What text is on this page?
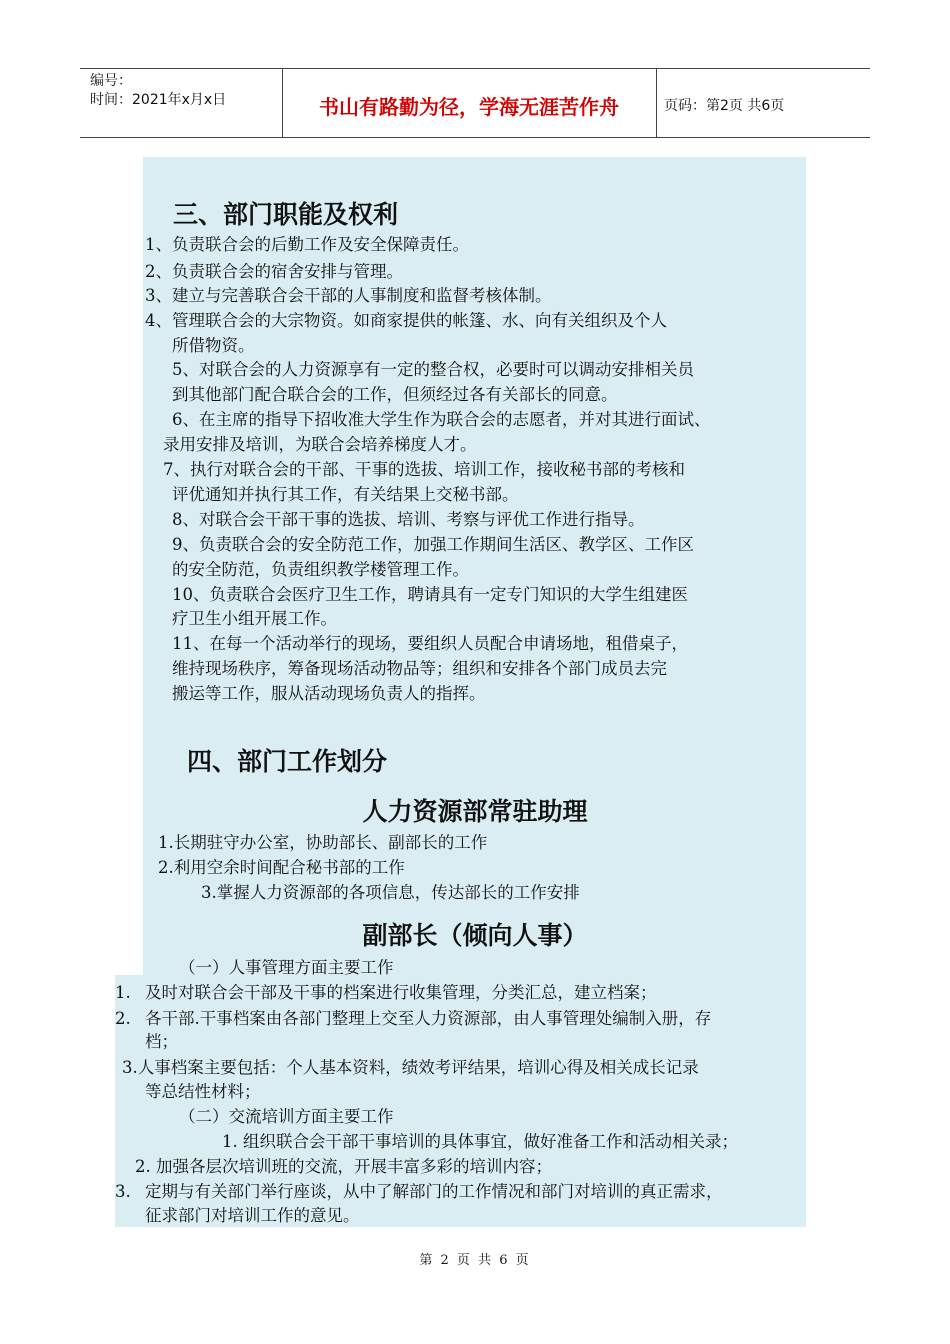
编号：
时间：2021年x月x日	书山有路勤为径，学海无涯苦作舟	页码：第2页 共6页
三、部门职能及权利
1、负责联合会的后勤工作及安全保障责任。
2、负责联合会的宿舍安排与管理。
3、建立与完善联合会干部的人事制度和监督考核体制。
4、管理联合会的大宗物资。如商家提供的帐篷、水、向有关组织及个人
所借物资。
5、对联合会的人力资源享有一定的整合权，必要时可以调动安排相关员
到其他部门配合联合会的工作，但须经过各有关部长的同意。
6、在主席的指导下招收准大学生作为联合会的志愿者，并对其进行面试、
录用安排及培训，为联合会培养梯度人才。
7、执行对联合会的干部、干事的选拔、培训工作，接收秘书部的考核和
评优通知并执行其工作，有关结果上交秘书部。
8、对联合会干部干事的选拔、培训、考察与评优工作进行指导。
9、负责联合会的安全防范工作，加强工作期间生活区、教学区、工作区
的安全防范，负责组织教学楼管理工作。
10、负责联合会医疗卫生工作，聘请具有一定专门知识的大学生组建医
疗卫生小组开展工作。
11、在每一个活动举行的现场，要组织人员配合申请场地，租借桌子，
维持现场秩序，筹备现场活动物品等；组织和安排各个部门成员去完
搬运等工作，服从活动现场负责人的指挥。
四、部门工作划分
人力资源部常驻助理
1.长期驻守办公室，协助部长、副部长的工作
2.利用空余时间配合秘书部的工作
3.掌握人力资源部的各项信息，传达部长的工作安排
副部长（倾向人事）
（一）人事管理方面主要工作
1. 及时对联合会干部及干事的档案进行收集管理，分类汇总，建立档案；
2. 各干部.干事档案由各部门整理上交至人力资源部，由人事管理处编制入册，存
档；
3.人事档案主要包括：个人基本资料，绩效考评结果，培训心得及相关成长记录
等总结性材料；
（二）交流培训方面主要工作
1. 组织联合会干部干事培训的具体事宜，做好准备工作和活动相关录；
2. 加强各层次培训班的交流，开展丰富多彩的培训内容；
3. 定期与有关部门举行座谈，从中了解部门的工作情况和部门对培训的真正需求，
征求部门对培训工作的意见。
第 2 页 共 6 页
